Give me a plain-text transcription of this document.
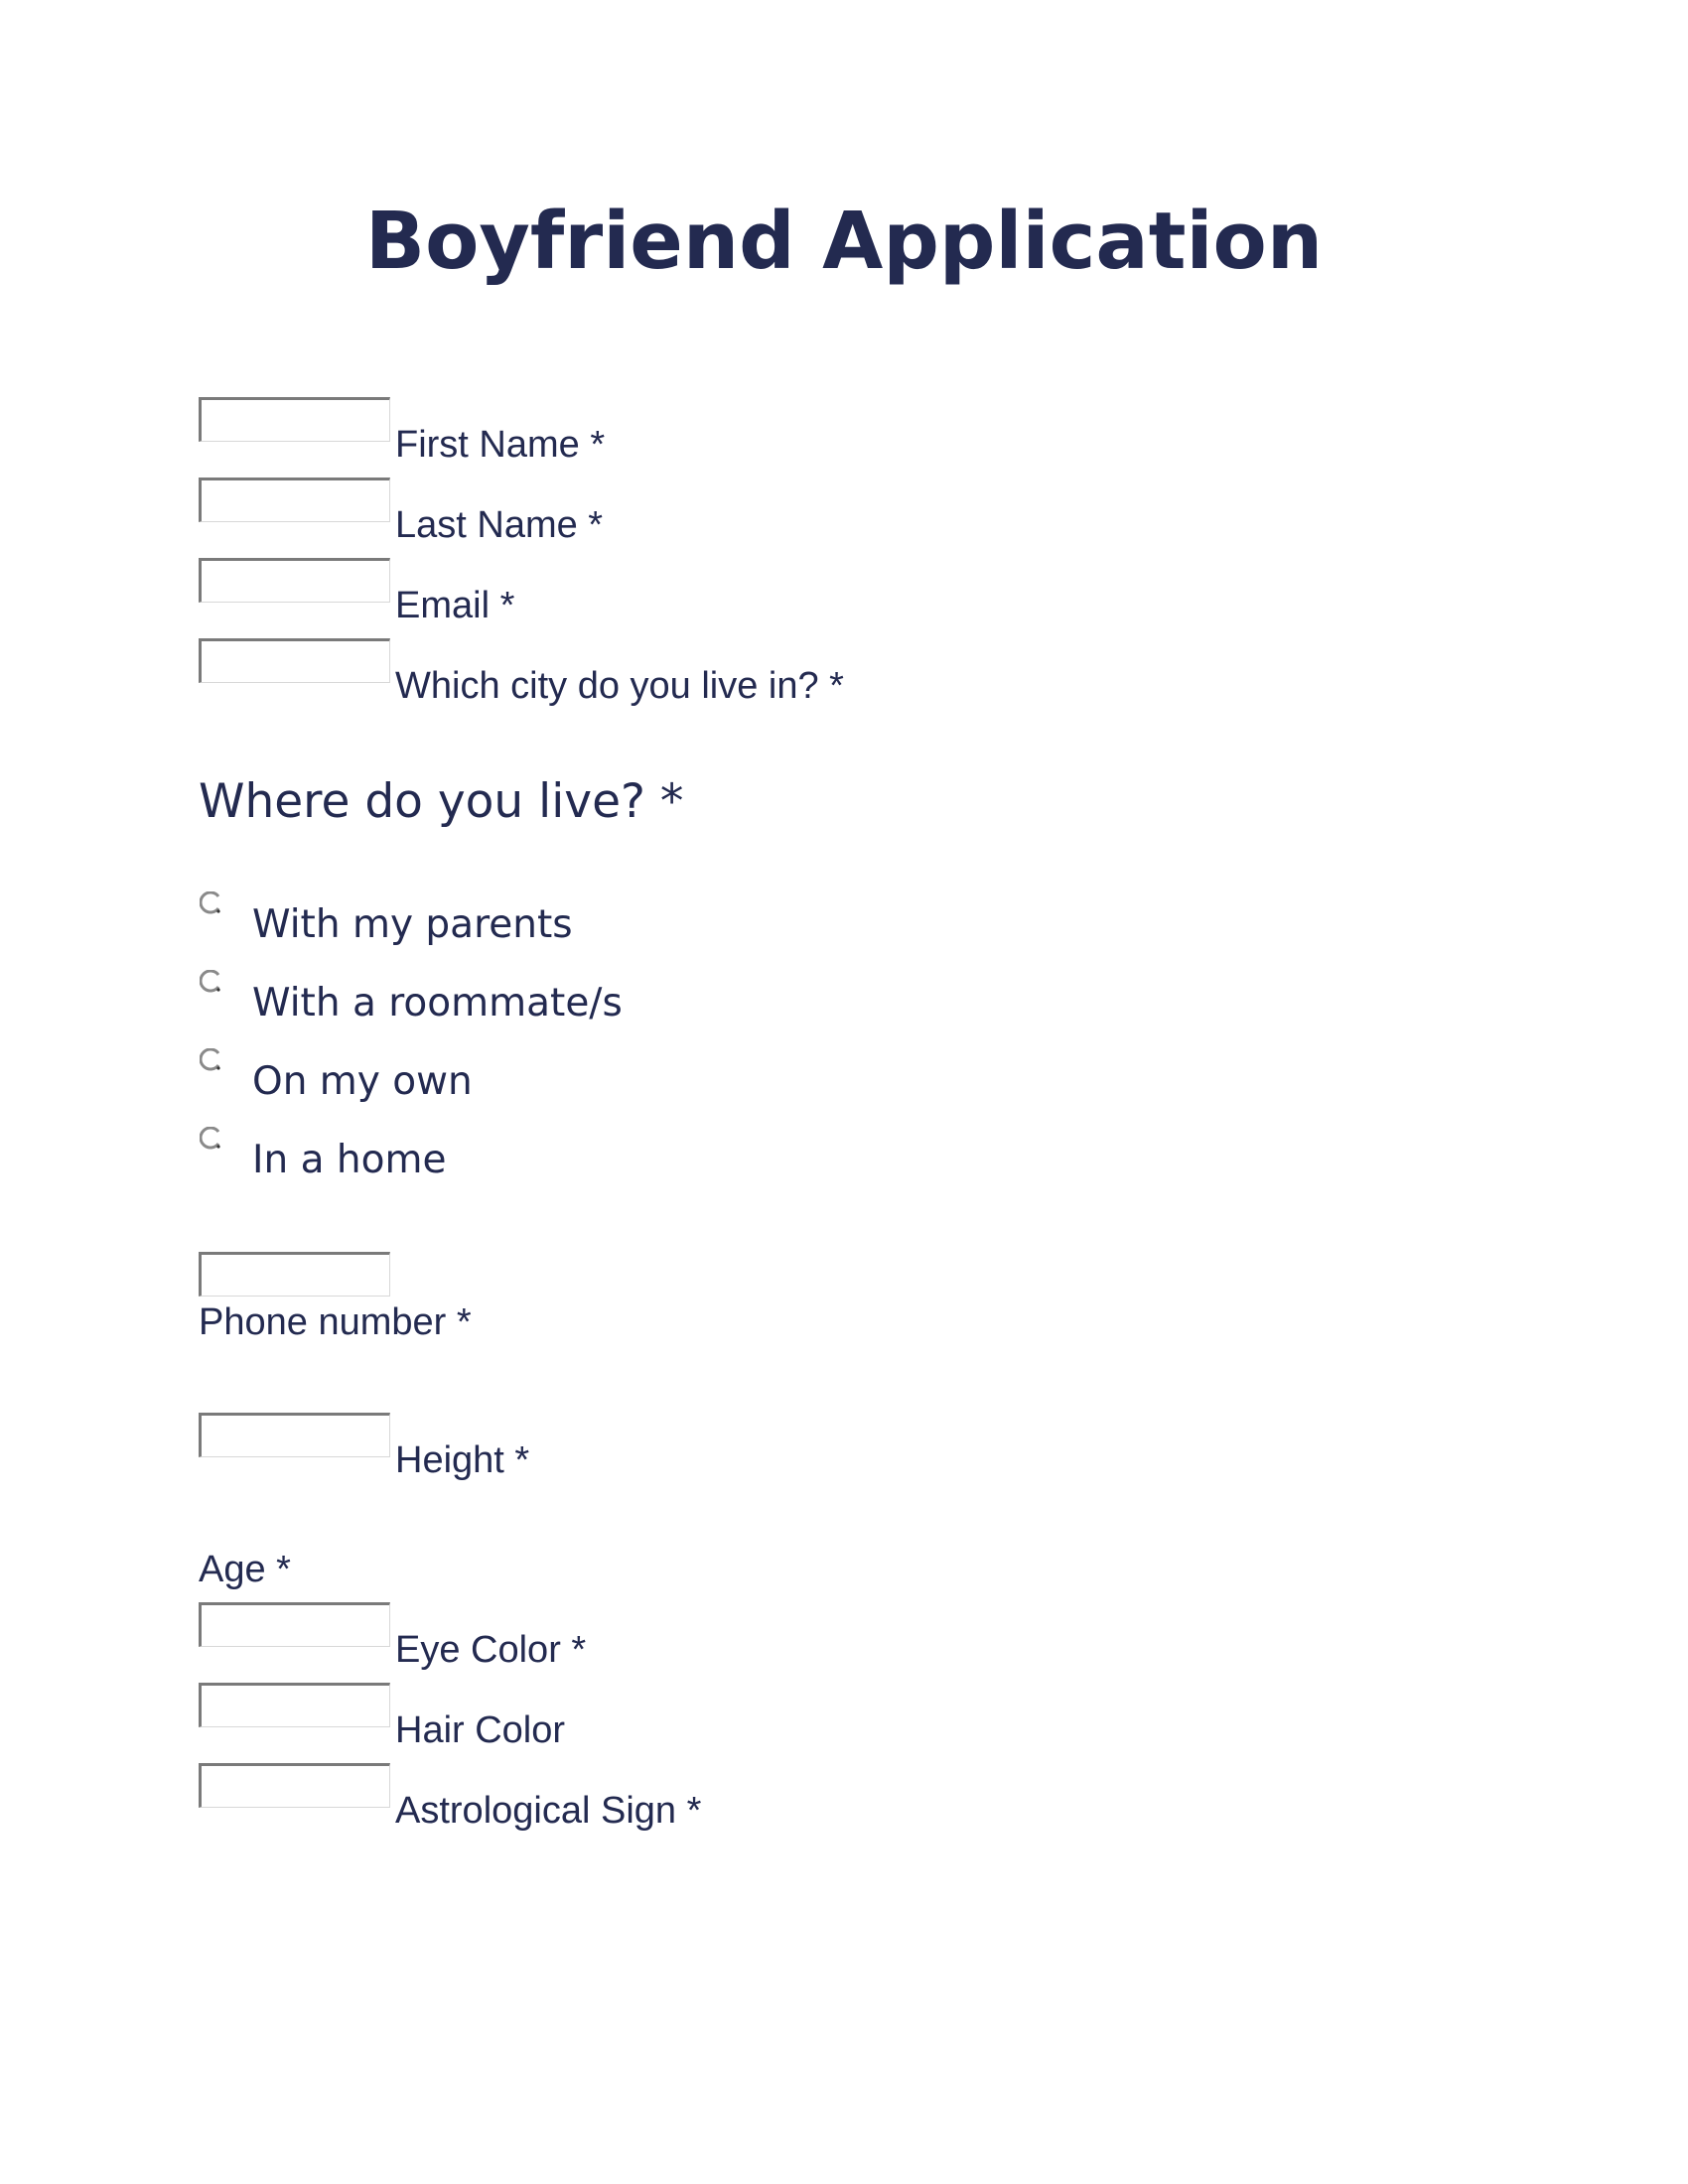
Boyfriend Application
First Name *
Last Name *
Email *
Which city do you live in? *
Where do you live? *
With my parents
With a roommate/s
On my own
In a home
Phone number *
Height *
Age *
Eye Color *
Hair Color
Astrological Sign *
